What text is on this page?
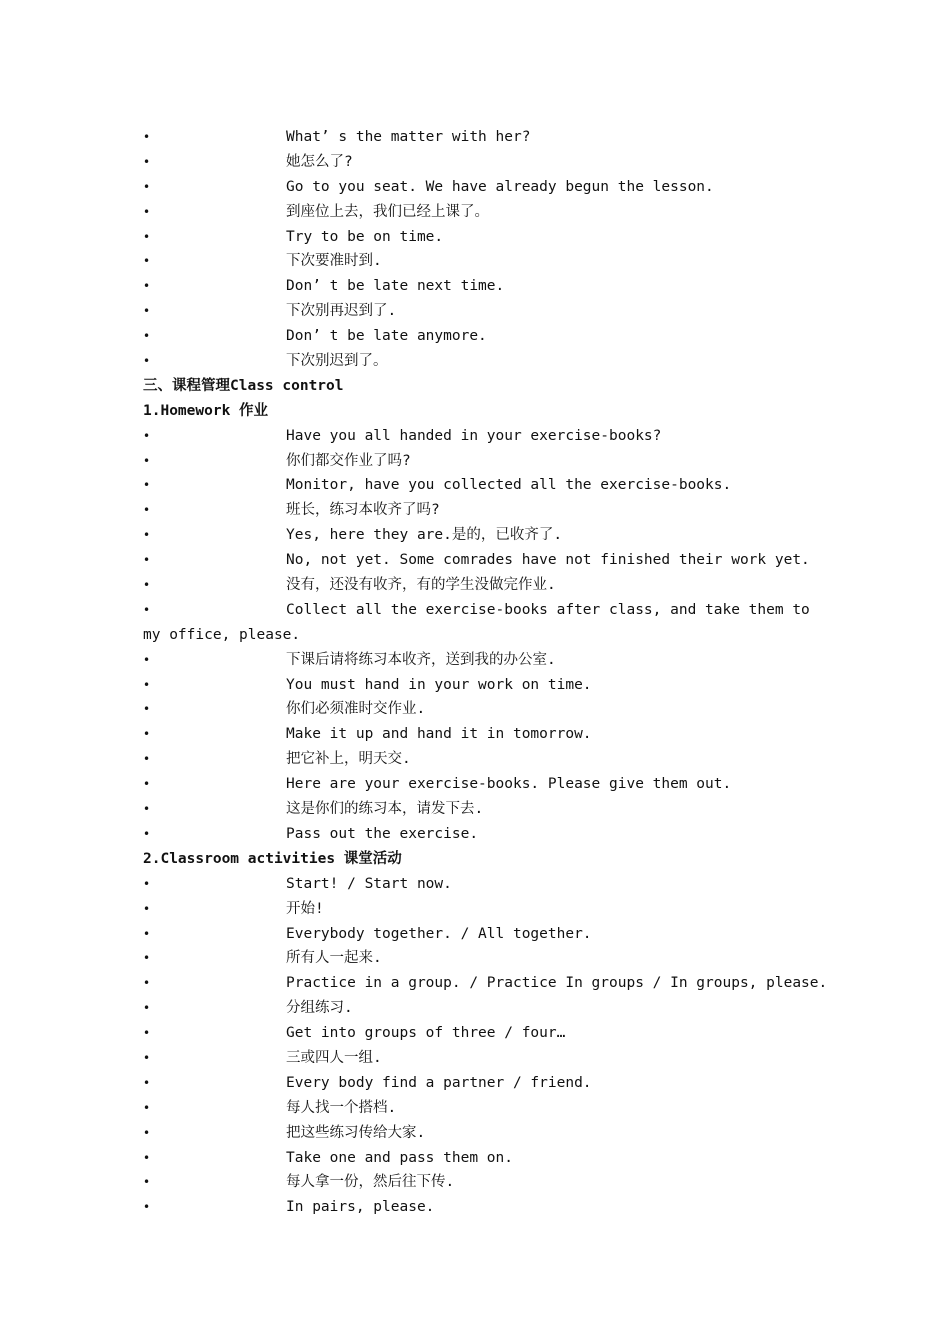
•	What’ s the matter with her?
•	她怎么了?
•	Go to you seat. We have already begun the lesson.
•	到座位上去，我们已经上课了。
•	Try to be on time.
•	下次要准时到.
•	Don’ t be late next time.
•	下次别再迟到了.
•	Don’ t be late anymore.
•	下次别迟到了。
三、课程管理Class control
1.Homework 作业
•	Have you all handed in your exercise-books?
•	你们都交作业了吗?
•	Monitor, have you collected all the exercise-books.
•	班长，练习本收齐了吗?
•	Yes, here they are.是的，已收齐了.
•	No, not yet. Some comrades have not finished their work yet.
•	没有，还没有收齐，有的学生没做完作业.
•	Collect all the exercise-books after class, and take them to
my office, please.
•	下课后请将练习本收齐，送到我的办公室.
•	You must hand in your work on time.
•	你们必须准时交作业.
•	Make it up and hand it in tomorrow.
•	把它补上，明天交.
•	Here are your exercise-books. Please give them out.
•	这是你们的练习本，请发下去.
•	Pass out the exercise.
2.Classroom activities 课堂活动
•	Start! / Start now.
•	开始!
•	Everybody together. / All together.
•	所有人一起来.
•	Practice in a group. / Practice In groups / In groups, please.
•	分组练习.
•	Get into groups of three / four…
•	三或四人一组.
•	Every body find a partner / friend.
•	每人找一个搭档.
•	把这些练习传给大家.
•	Take one and pass them on.
•	每人拿一份，然后往下传.
•	In pairs, please.
